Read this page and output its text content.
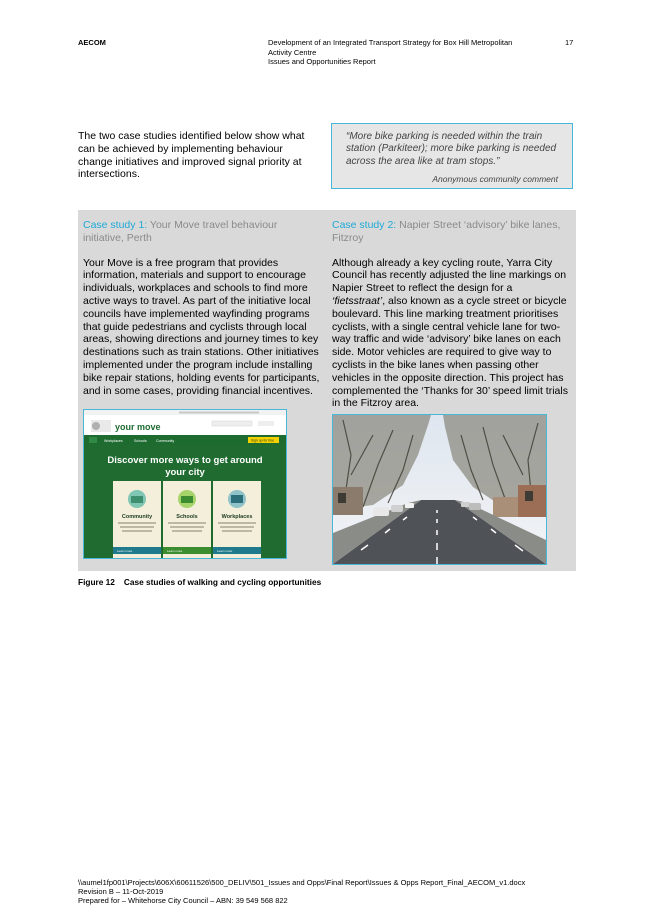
AECOM	Development of an Integrated Transport Strategy for Box Hill Metropolitan
Activity Centre
Issues and Opportunities Report
17
The two case studies identified below show what can be achieved by implementing behaviour change initiatives and improved signal priority at intersections.
“More bike parking is needed within the train station (Parkiteer); more bike parking is needed across the area like at tram stops.”
Anonymous community comment
Case study 1: Your Move travel behaviour initiative, Perth
Your Move is a free program that provides information, materials and support to encourage individuals, workplaces and schools to find more active ways to travel. As part of the initiative local councils have implemented wayfinding programs that guide pedestrians and cyclists through local areas, showing directions and journey times to key destinations such as train stations. Other initiatives implemented under the program include installing bike repair stations, holding events for participants, and in some cases, providing financial incentives.
Case study 2: Napier Street ‘advisory’ bike lanes, Fitzroy
Although already a key cycling route, Yarra City Council has recently adjusted the line markings on Napier Street to reflect the design for a ‘fietsstraat’, also known as a cycle street or bicycle boulevard. This line marking treatment prioritises cyclists, with a single central vehicle lane for two-way traffic and wide ‘advisory’ bike lanes on each side. Motor vehicles are required to give way to cyclists in the bike lanes when passing other vehicles in the opposite direction. This project has complemented the ‘Thanks for 30’ speed limit trials in the Fitzroy area.
your move
Workplaces	Schools	Community	Sign up for free
Discover more ways to get around
your city
Community
Learn more
Schools
Learn more
Workplaces
Learn more
Figure 12 Case studies of walking and cycling opportunities
\\aumel1fp001\Projects\606X\60611526\500_DELIV\501_Issues and Opps\Final Report\Issues & Opps Report_Final_AECOM_v1.docx
Revision B – 11-Oct-2019
Prepared for – Whitehorse City Council – ABN: 39 549 568 822
